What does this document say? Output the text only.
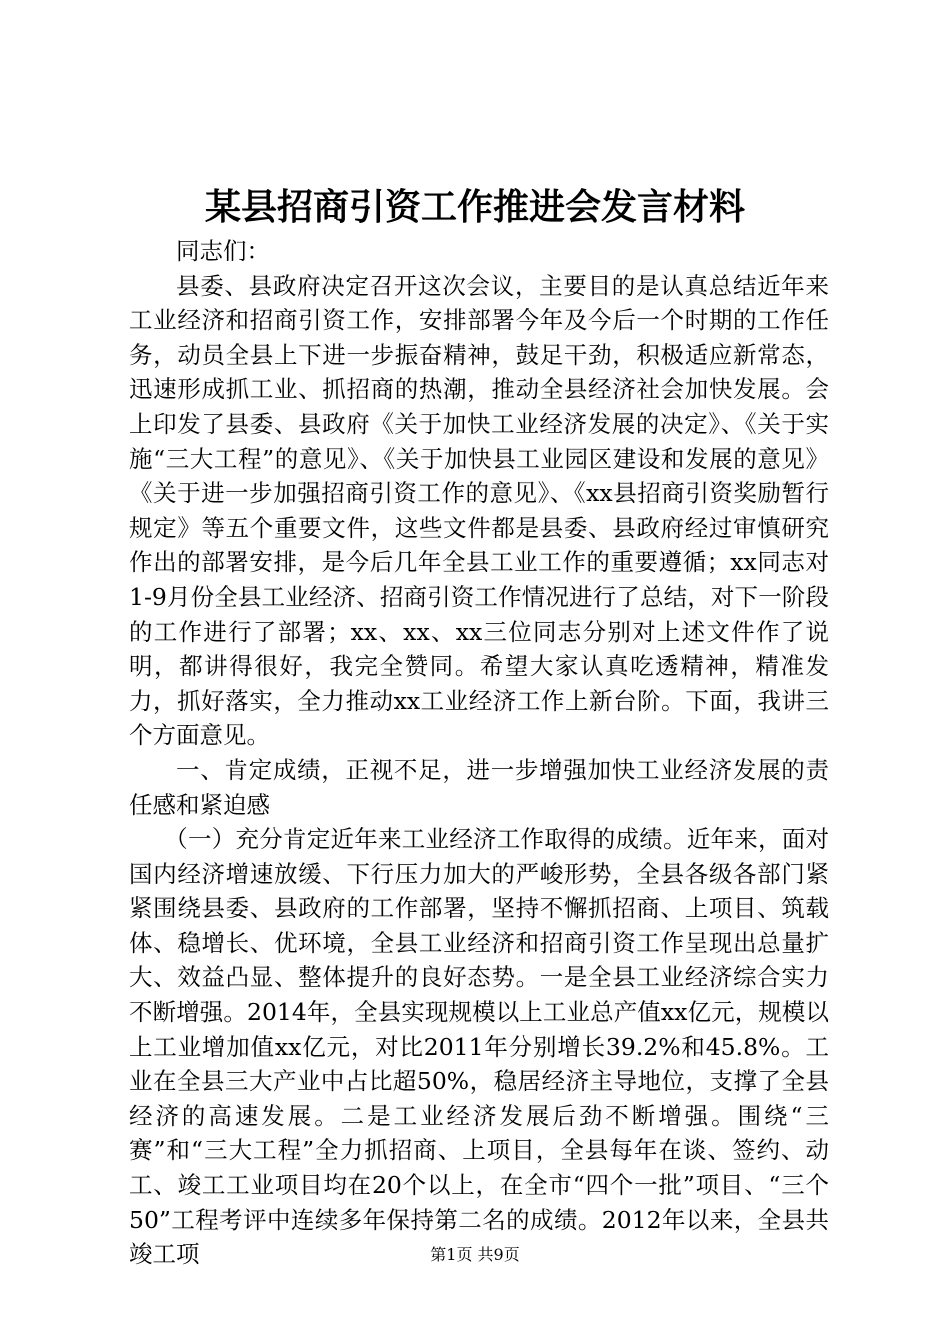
某县招商引资工作推进会发言材料

同志们：

县委、县政府决定召开这次会议，主要目的是认真总结近年来工业经济和招商引资工作，安排部署今年及今后一个时期的工作任务，动员全县上下进一步振奋精神，鼓足干劲，积极适应新常态，迅速形成抓工业、抓招商的热潮，推动全县经济社会加快发展。会上印发了县委、县政府《关于加快工业经济发展的决定》、《关于实施“三大工程”的意见》、《关于加快县工业园区建设和发展的意见》《关于进一步加强招商引资工作的意见》、《xx县招商引资奖励暂行规定》等五个重要文件，这些文件都是县委、县政府经过审慎研究作出的部署安排，是今后几年全县工业工作的重要遵循；xx同志对1-9月份全县工业经济、招商引资工作情况进行了总结，对下一阶段的工作进行了部署；xx、xx、xx三位同志分别对上述文件作了说明，都讲得很好，我完全赞同。希望大家认真吃透精神，精准发力，抓好落实，全力推动xx工业经济工作上新台阶。下面，我讲三个方面意见。

一、肯定成绩，正视不足，进一步增强加快工业经济发展的责任感和紧迫感

（一）充分肯定近年来工业经济工作取得的成绩。近年来，面对国内经济增速放缓、下行压力加大的严峻形势，全县各级各部门紧紧围绕县委、县政府的工作部署，坚持不懈抓招商、上项目、筑载体、稳增长、优环境，全县工业经济和招商引资工作呈现出总量扩大、效益凸显、整体提升的良好态势。一是全县工业经济综合实力不断增强。2014年，全县实现规模以上工业总产值xx亿元，规模以上工业增加值xx亿元，对比2011年分别增长39.2%和45.8%。工业在全县三大产业中占比超50%，稳居经济主导地位，支撑了全县经济的高速发展。二是工业经济发展后劲不断增强。围绕“三赛”和“三大工程”全力抓招商、上项目，全县每年在谈、签约、动工、竣工工业项目均在20个以上，在全市“四个一批”项目、“三个50”工程考评中连续多年保持第二名的成绩。2012年以来，全县共竣工项	第1页 共9页
